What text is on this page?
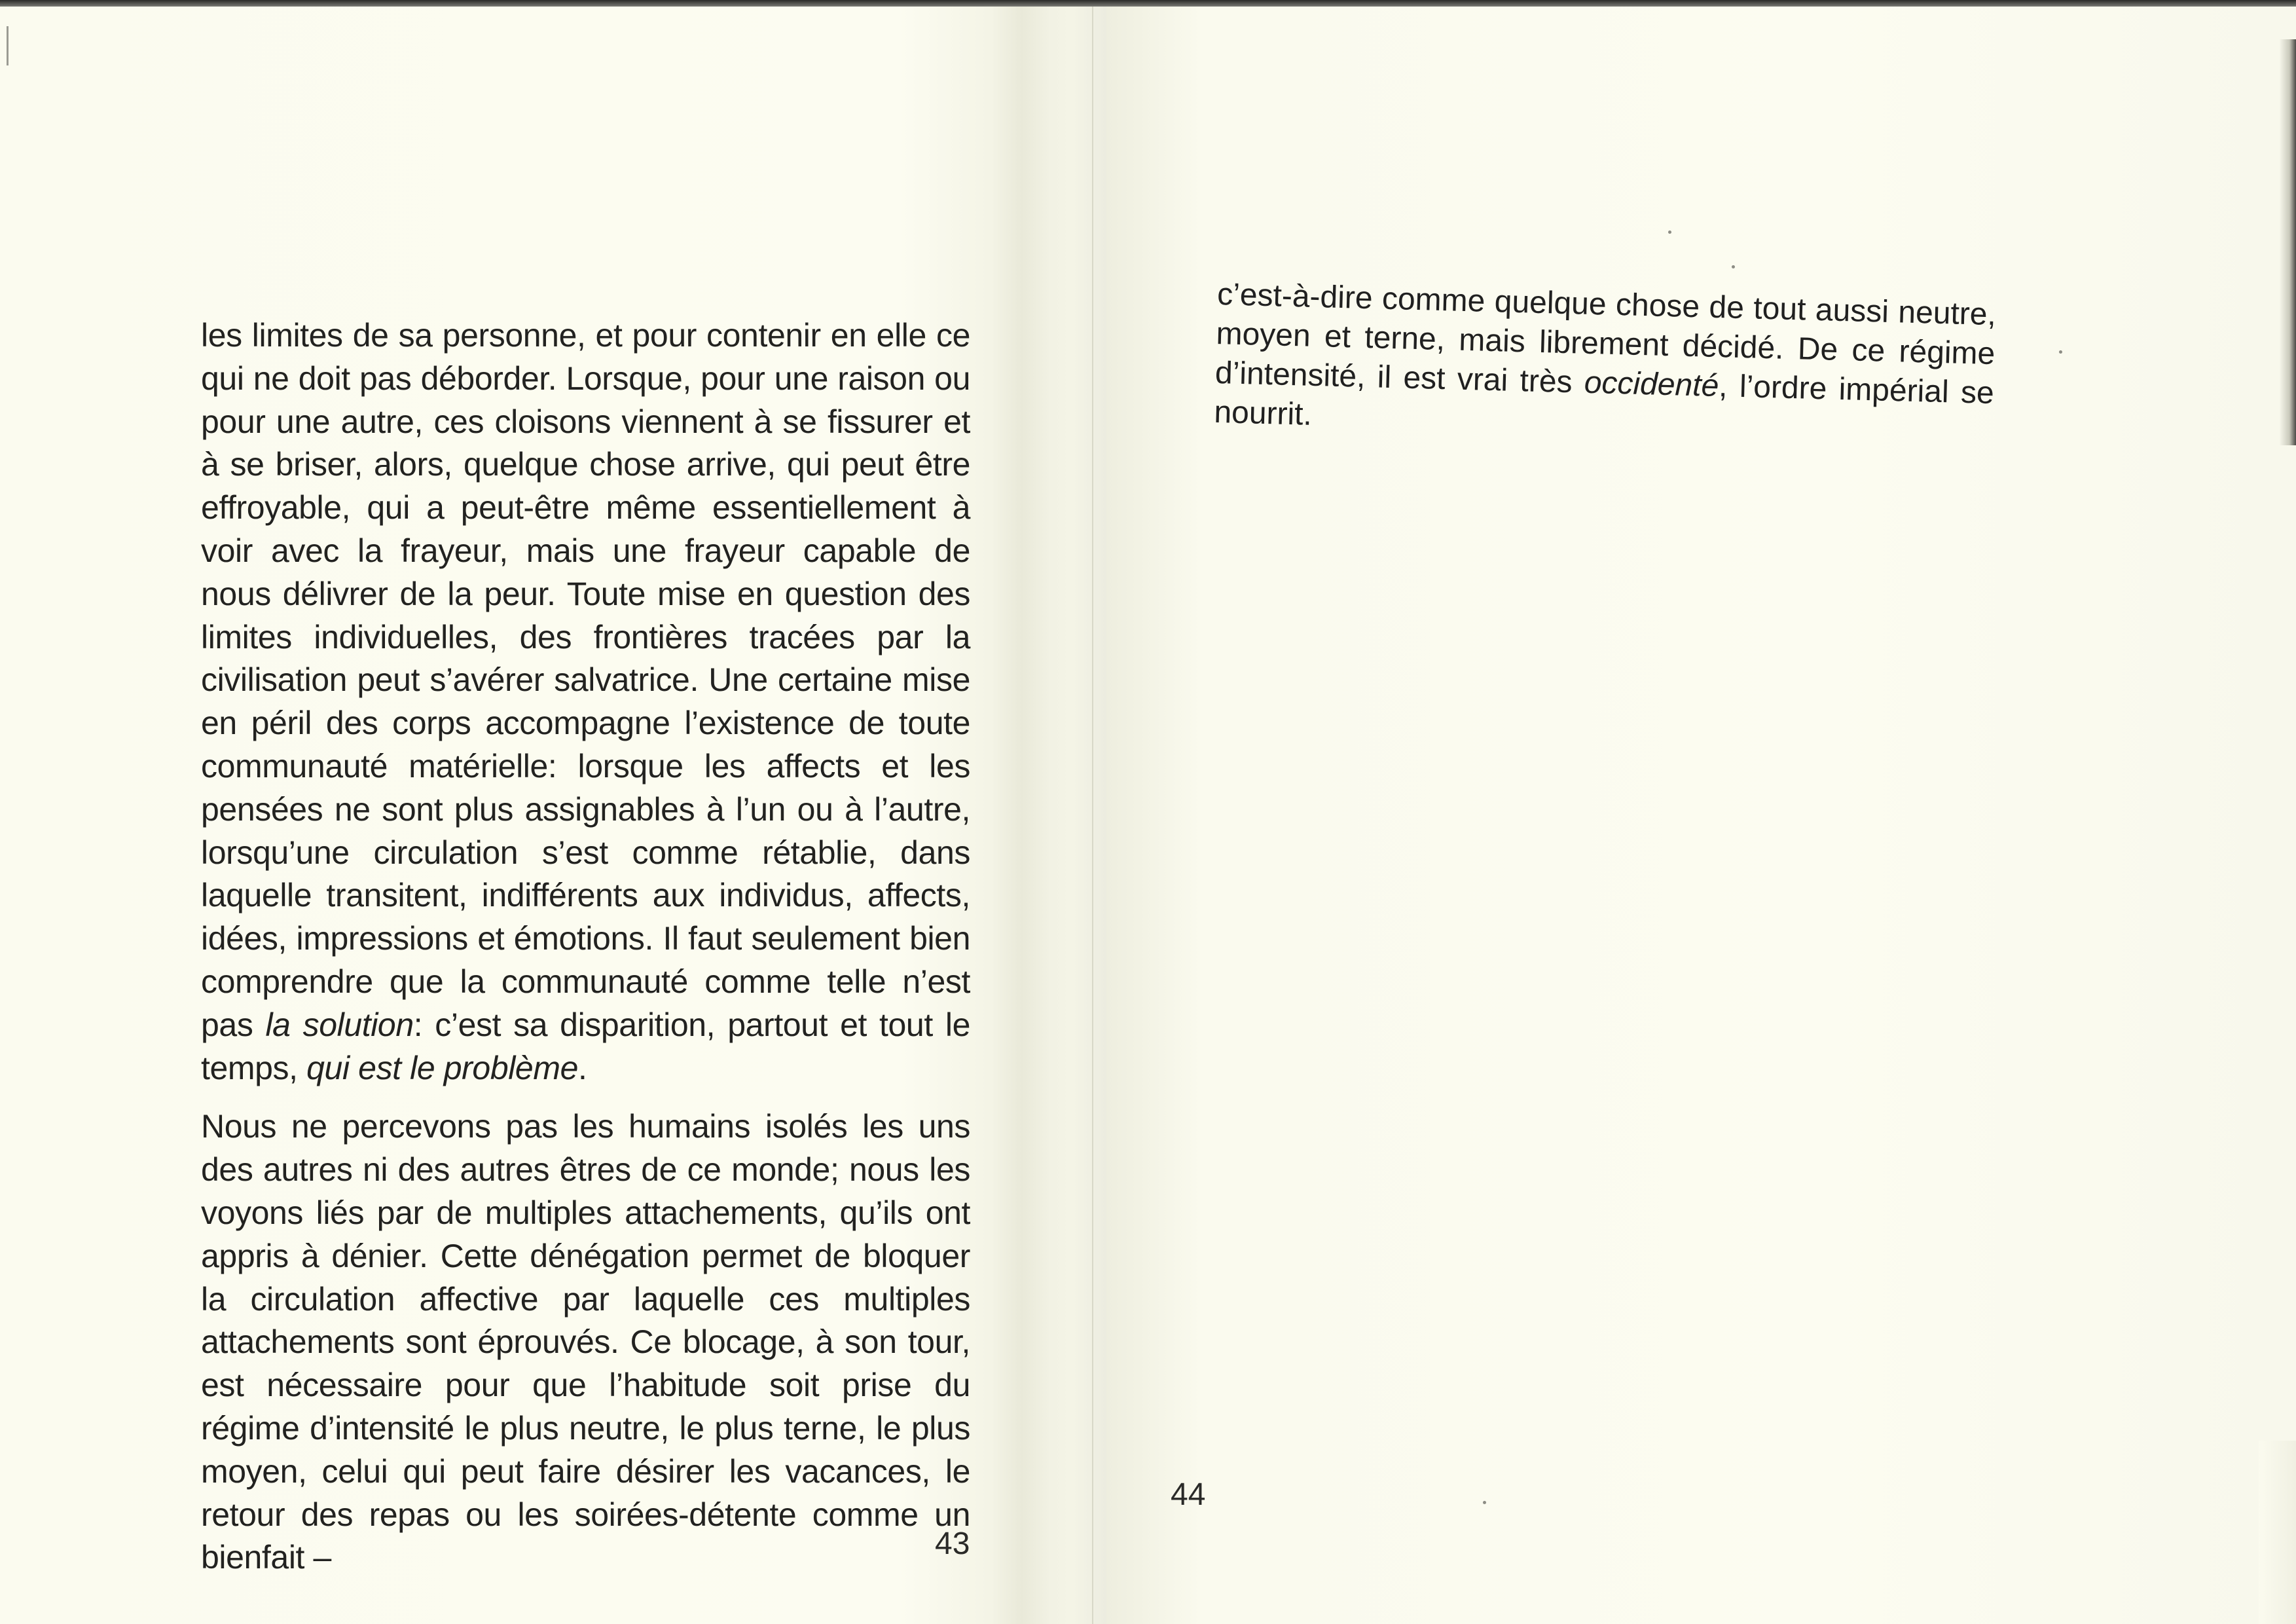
les limites de sa personne, et pour contenir en elle ce qui ne doit pas déborder. Lorsque, pour une raison ou pour une autre, ces cloisons viennent à se fissurer et à se briser, alors, quelque chose arrive, qui peut être effroyable, qui a peut-être même essentiellement à voir avec la frayeur, mais une frayeur capable de nous délivrer de la peur. Toute mise en question des limites individuelles, des frontières tracées par la civilisation peut s’avérer salvatrice. Une certaine mise en péril des corps accompagne l’existence de toute communauté matérielle: lorsque les affects et les pensées ne sont plus assignables à l’un ou à l’autre, lorsqu’une circulation s’est comme rétablie, dans laquelle transitent, indifférents aux individus, affects, idées, impressions et émotions. Il faut seulement bien comprendre que la communauté comme telle n’est pas la solution: c’est sa disparition, partout et tout le temps, qui est le problème.

Nous ne percevons pas les humains isolés les uns des autres ni des autres êtres de ce monde; nous les voyons liés par de multiples attachements, qu’ils ont appris à dénier. Cette dénégation permet de bloquer la circulation affective par laquelle ces multiples attachements sont éprouvés. Ce blocage, à son tour, est nécessaire pour que l’habitude soit prise du régime d’intensité le plus neutre, le plus terne, le plus moyen, celui qui peut faire désirer les vacances, le retour des repas ou les soirées-détente comme un bienfait –	43

c’est-à-dire comme quelque chose de tout aussi neutre, moyen et terne, mais librement décidé. De ce régime d’intensité, il est vrai très occidenté, l’ordre impérial se nourrit.

44
